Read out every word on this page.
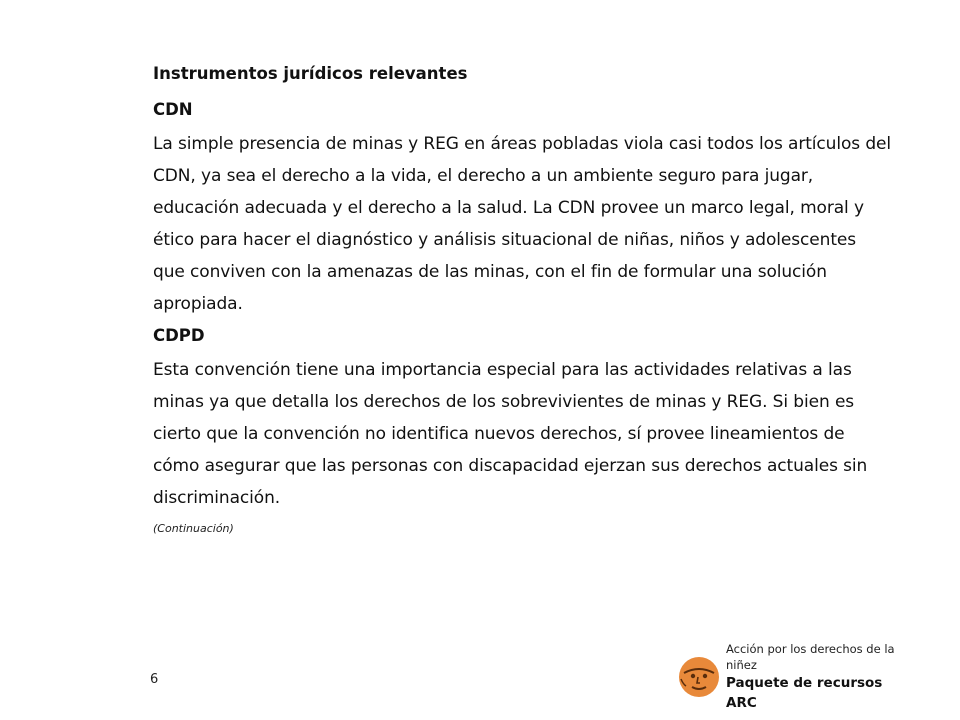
Instrumentos jurídicos relevantes
CDN

La simple presencia de minas y REG en áreas pobladas viola casi todos los artículos del CDN, ya sea el derecho a la vida, el derecho a un ambiente seguro para jugar, educación adecuada y el derecho a la salud. La CDN provee un marco legal, moral y ético para hacer el diagnóstico y análisis situacional de niñas, niños y adolescentes que conviven con la amenazas de las minas, con el fin de formular una solución apropiada.

CDPD

Esta convención tiene una importancia especial para las actividades relativas a las minas ya que detalla los derechos de los sobrevivientes de minas y REG. Si bien es cierto que la convención no identifica nuevos derechos, sí provee lineamientos de cómo asegurar que las personas con discapacidad ejerzan sus derechos actuales sin discriminación.

(Continuación)
6
Acción por los derechos de la niñez
Paquete de recursos ARC
